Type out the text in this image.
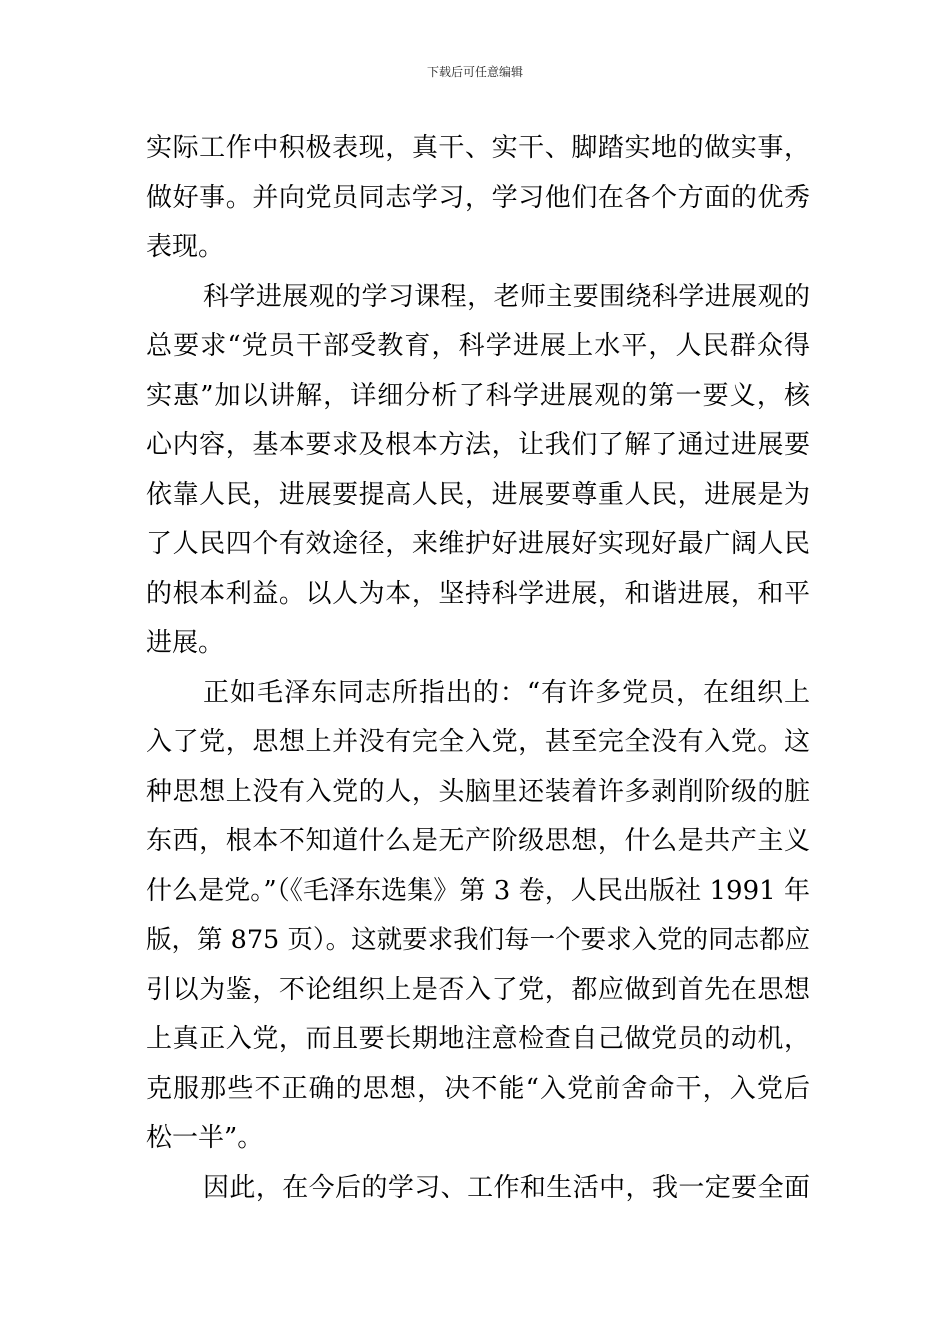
下载后可任意编辑
实际工作中积极表现，真干、实干、脚踏实地的做实事，
做好事。并向党员同志学习，学习他们在各个方面的优秀
表现。
科学进展观的学习课程，老师主要围绕科学进展观的
总要求“党员干部受教育，科学进展上水平，人民群众得
实惠”加以讲解，详细分析了科学进展观的第一要义，核
心内容，基本要求及根本方法，让我们了解了通过进展要
依靠人民，进展要提高人民，进展要尊重人民，进展是为
了人民四个有效途径，来维护好进展好实现好最广阔人民
的根本利益。以人为本，坚持科学进展，和谐进展，和平
进展。
正如毛泽东同志所指出的：“有许多党员，在组织上
入了党，思想上并没有完全入党，甚至完全没有入党。这
种思想上没有入党的人，头脑里还装着许多剥削阶级的脏
东西，根本不知道什么是无产阶级思想，什么是共产主义
什么是党。”（《毛泽东选集》第 3 卷，人民出版社 1991 年
版，第 875 页）。这就要求我们每一个要求入党的同志都应
引以为鉴，不论组织上是否入了党，都应做到首先在思想
上真正入党，而且要长期地注意检查自己做党员的动机，
克服那些不正确的思想，决不能“入党前舍命干，入党后
松一半”。
因此，在今后的学习、工作和生活中，我一定要全面
